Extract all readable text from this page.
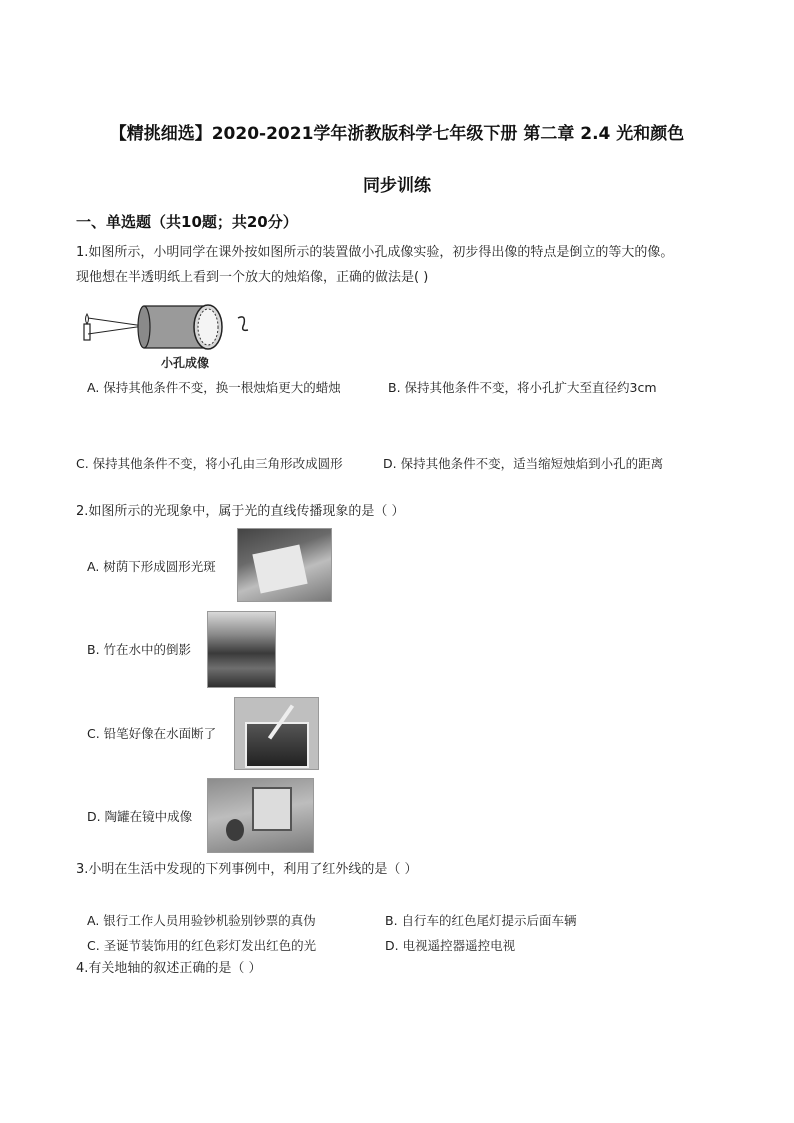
【精挑细选】2020-2021学年浙教版科学七年级下册 第二章 2.4 光和颜色
同步训练
一、单选题（共10题；共20分）
1.如图所示，小明同学在课外按如图所示的装置做小孔成像实验，初步得出像的特点是倒立的等大的像。
现他想在半透明纸上看到一个放大的烛焰像，正确的做法是( )
小孔成像
A. 保持其他条件不变，换一根烛焰更大的蜡烛	B. 保持其他条件不变，将小孔扩大至直径约3cm
C. 保持其他条件不变，将小孔由三角形改成圆形	D. 保持其他条件不变，适当缩短烛焰到小孔的距离
2.如图所示的光现象中，属于光的直线传播现象的是（ ）
A. 树荫下形成圆形光斑
B. 竹在水中的倒影
C. 铅笔好像在水面断了
D. 陶罐在镜中成像
3.小明在生活中发现的下列事例中，利用了红外线的是（ ）
A. 银行工作人员用验钞机验别钞票的真伪	B. 自行车的红色尾灯提示后面车辆
C. 圣诞节装饰用的红色彩灯发出红色的光	D. 电视遥控器遥控电视
4.有关地轴的叙述正确的是（ ）
